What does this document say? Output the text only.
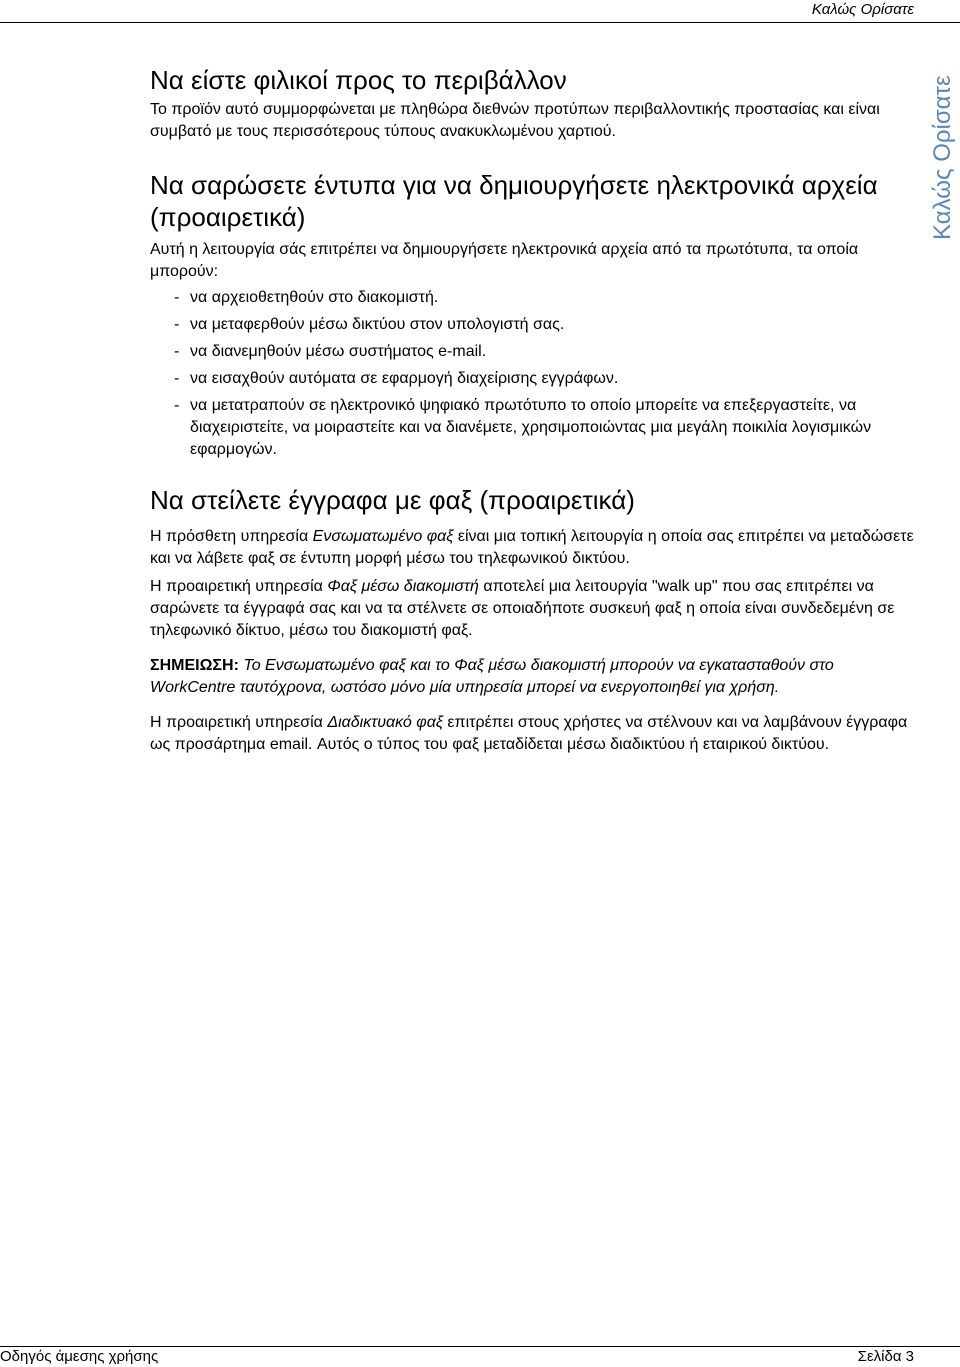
Καλώς Ορίσατε
Καλώς Ορίσατε
Να είστε φιλικοί προς το περιβάλλον

Το προϊόν αυτό συμμορφώνεται με πληθώρα διεθνών προτύπων περιβαλλοντικής προστασίας και είναι συμβατό με τους περισσότερους τύπους ανακυκλωμένου χαρτιού.

Να σαρώσετε έντυπα για να δημιουργήσετε ηλεκτρονικά αρχεία (προαιρετικά)

Αυτή η λειτουργία σάς επιτρέπει να δημιουργήσετε ηλεκτρονικά αρχεία από τα πρωτότυπα, τα οποία μπορούν:

- να αρχειοθετηθούν στο διακομιστή.
- να μεταφερθούν μέσω δικτύου στον υπολογιστή σας.
- να διανεμηθούν μέσω συστήματος e-mail.
- να εισαχθούν αυτόματα σε εφαρμογή διαχείρισης εγγράφων.
- να μετατραπούν σε ηλεκτρονικό ψηφιακό πρωτότυπο το οποίο μπορείτε να επεξεργαστείτε, να διαχειριστείτε, να μοιραστείτε και να διανέμετε, χρησιμοποιώντας μια μεγάλη ποικιλία λογισμικών εφαρμογών.
Να στείλετε έγγραφα με φαξ (προαιρετικά)

Η πρόσθετη υπηρεσία Ενσωματωμένο φαξ είναι μια τοπική λειτουργία η οποία σας επιτρέπει να μεταδώσετε και να λάβετε φαξ σε έντυπη μορφή μέσω του τηλεφωνικού δικτύου.

Η προαιρετική υπηρεσία Φαξ μέσω διακομιστή αποτελεί μια λειτουργία "walk up" που σας επιτρέπει να σαρώνετε τα έγγραφά σας και να τα στέλνετε σε οποιαδήποτε συσκευή φαξ η οποία είναι συνδεδεμένη σε τηλεφωνικό δίκτυο, μέσω του διακομιστή φαξ.

ΣΗΜΕΙΩΣΗ: Το Ενσωματωμένο φαξ και το Φαξ μέσω διακομιστή μπορούν να εγκατασταθούν στο WorkCentre ταυτόχρονα, ωστόσο μόνο μία υπηρεσία μπορεί να ενεργοποιηθεί για χρήση.

Η προαιρετική υπηρεσία Διαδικτυακό φαξ επιτρέπει στους χρήστες να στέλνουν και να λαμβάνουν έγγραφα ως προσάρτημα email. Αυτός ο τύπος του φαξ μεταδίδεται μέσω διαδικτύου ή εταιρικού δικτύου.

Οδηγός άμεσης χρήσης	Σελίδα 3
